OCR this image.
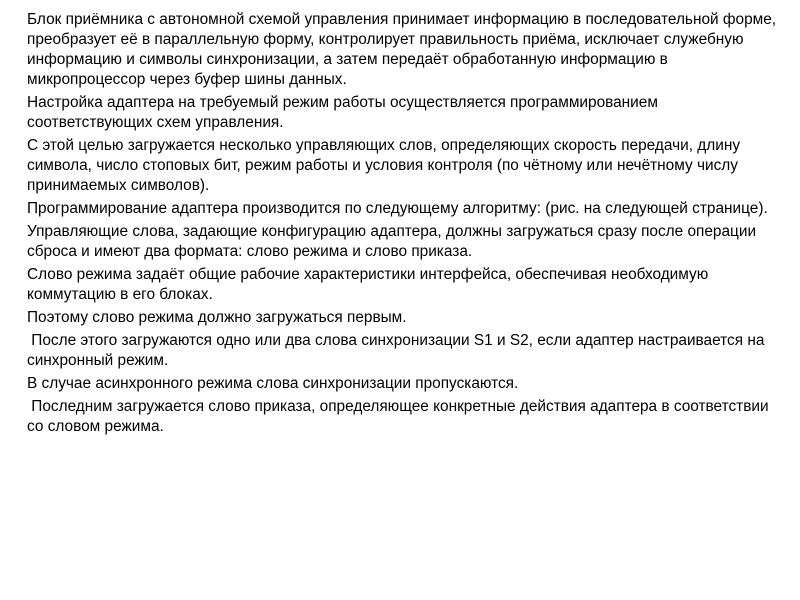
Блок приёмника с автономной схемой управления принимает информацию в последовательной форме, преобразует её в параллельную форму, контролирует правильность приёма, исключает служебную информацию и символы синхронизации, а затем передаёт обработанную информацию в микропроцессор через буфер шины данных.

Настройка адаптера на требуемый режим работы осуществляется программированием соответствующих схем управления.

С этой целью загружается несколько управляющих слов, определяющих скорость передачи, длину символа, число стоповых бит, режим работы и условия контроля (по чётному или нечётному числу принимаемых символов).

Программирование адаптера производится по следующему алгоритму: (рис. на следующей странице).

Управляющие слова, задающие конфигурацию адаптера, должны загружаться сразу после операции сброса и имеют два формата: слово режима и слово приказа.

Слово режима задаёт общие рабочие характеристики интерфейса, обеспечивая необходимую коммутацию в его блоках.

Поэтому слово режима должно загружаться первым.

После этого загружаются одно или два слова синхронизации S1 и S2, если адаптер настраивается на синхронный режим.

В случае асинхронного режима слова синхронизации пропускаются.

Последним загружается слово приказа, определяющее конкретные действия адаптера в соответствии со словом режима.
